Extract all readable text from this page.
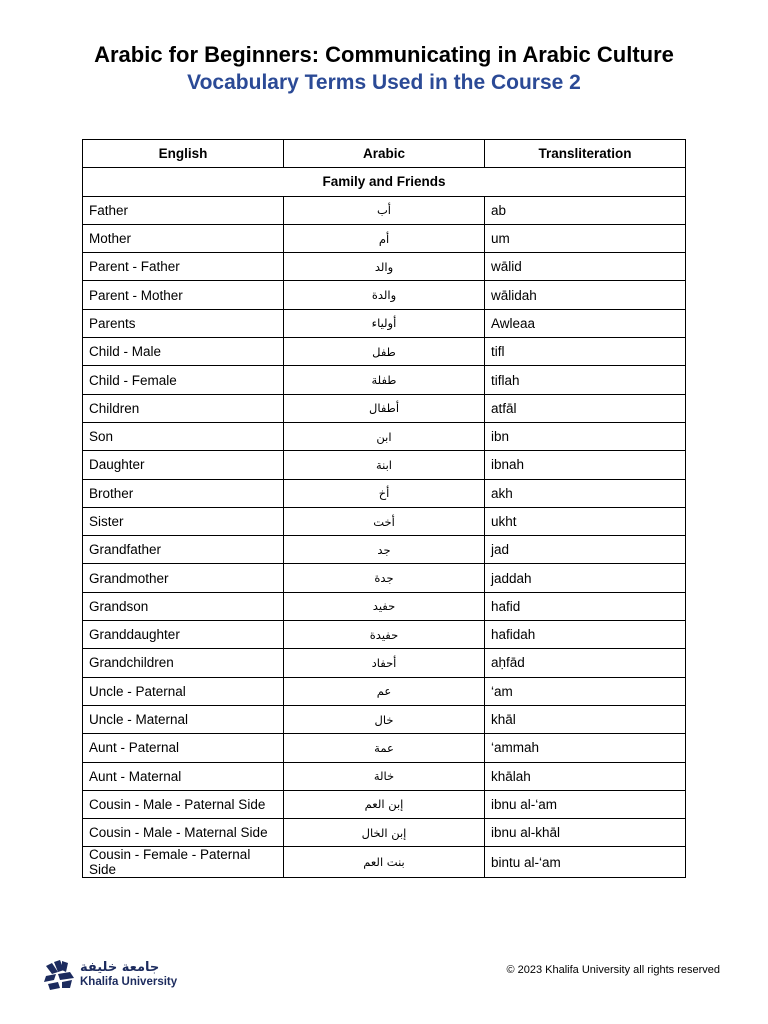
Arabic for Beginners: Communicating in Arabic Culture
Vocabulary Terms Used in the Course 2
English	Arabic	Transliteration
Family and Friends		
Father	أب	ab
Mother	أم	um
Parent - Father	والد	wālid
Parent - Mother	والدة	wālidah
Parents	أولياء	Awleaa
Child - Male	طفل	tifl
Child - Female	طفلة	tiflah
Children	أطفال	atfāl
Son	ابن	ibn
Daughter	ابنة	ibnah
Brother	أخ	akh
Sister	أخت	ukht
Grandfather	جد	jad
Grandmother	جدة	jaddah
Grandson	حفيد	hafid
Granddaughter	حفيدة	hafidah
Grandchildren	أحفاد	aḥfād
Uncle - Paternal	عم	‘am
Uncle - Maternal	خال	khāl
Aunt - Paternal	عمة	‘ammah
Aunt - Maternal	خالة	khālah
Cousin - Male - Paternal Side	إبن العم	ibnu al-‘am
Cousin - Male - Maternal Side	إبن الخال	ibnu al-khāl
Cousin - Female - Paternal Side	بنت العم	bintu al-‘am
جامعة خليفة
Khalifa University
© 2023 Khalifa University all rights reserved
